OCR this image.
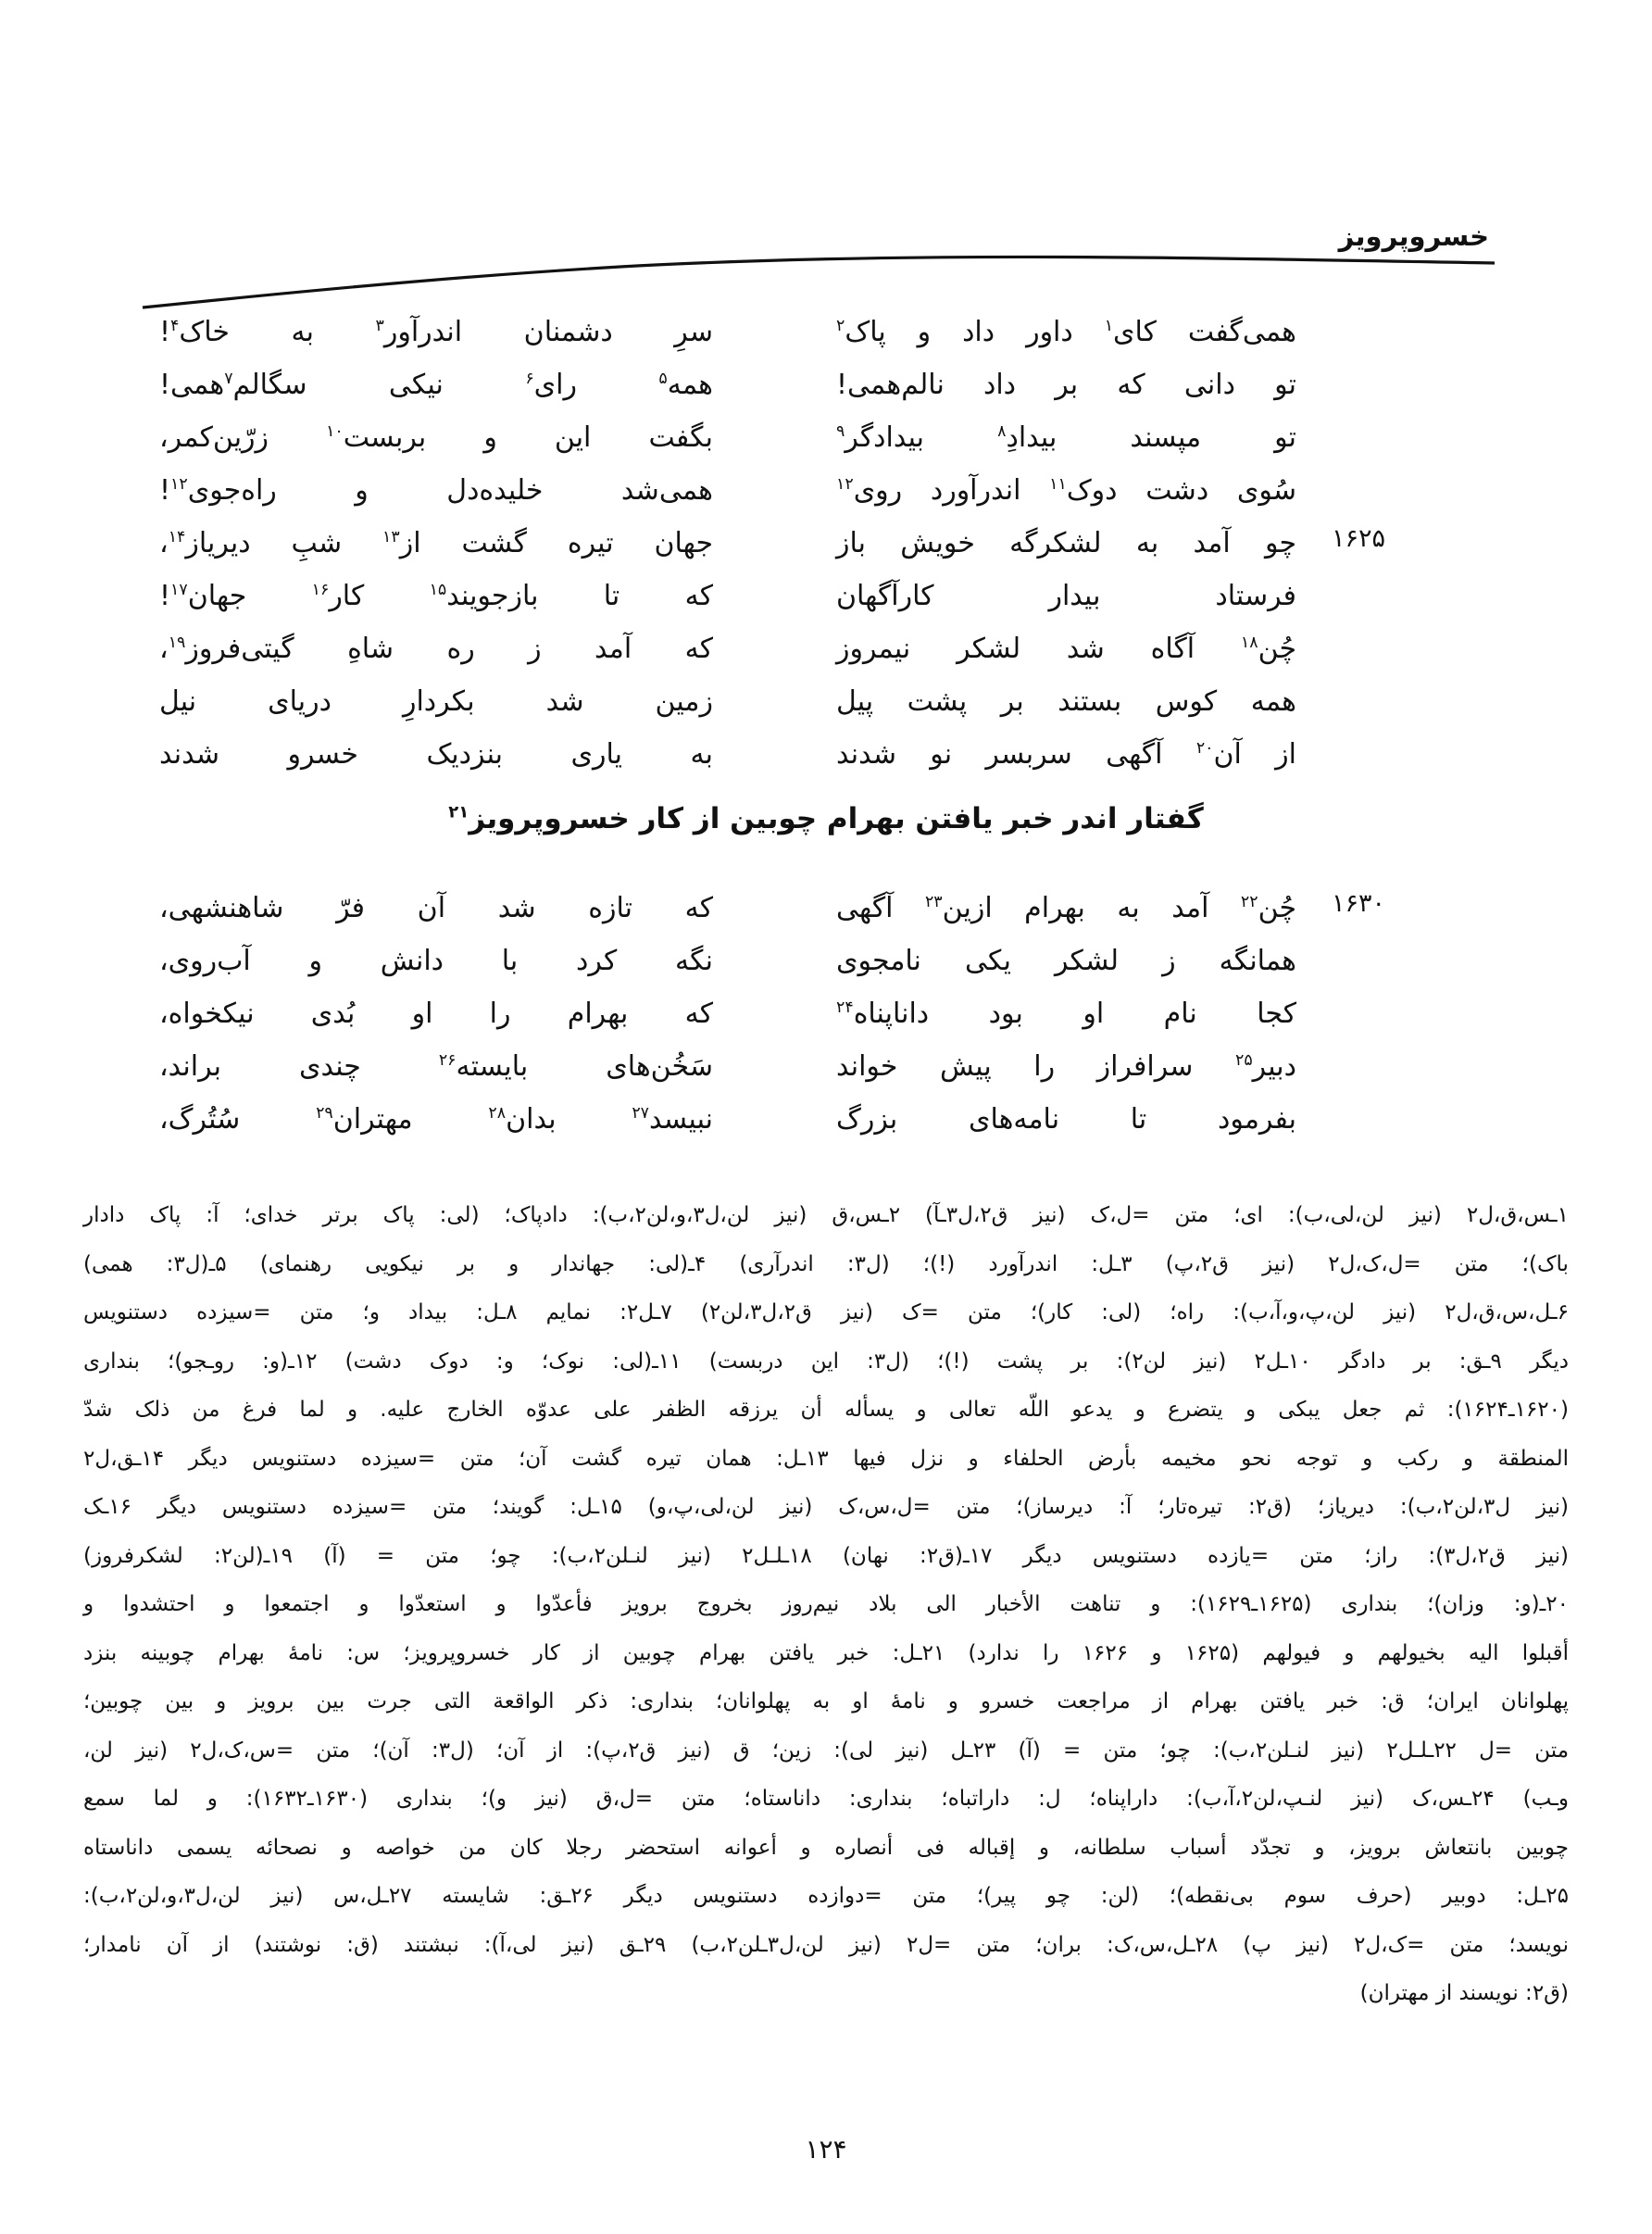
خسروپرویز
همی‌گفت کای$^۱$ داور داد و پاک$^۲$
سرِ دشمنان اندرآور$^۳$ به خاک$^۴$!
تو دانی که بر داد نالم‌همی!
همه$^۵$ رای$^۶$ نیکی سگالم$^۷$همی!
تو مپسند بیدادِ$^۸$ بیدادگر$^۹$
بگفت این و بربست$^{۱۰}$ زرّین‌کمر،
سُوی دشت دوک$^{۱۱}$ اندرآورد روی$^{۱۲}$
همی‌شد خلیده‌دل و راه‌جوی$^{۱۲}$!
۱۶۲۵
چو آمد به لشکرگه خویش باز
جهان تیره گشت از$^{۱۳}$ شبِ دیریاز$^{۱۴}$،
فرستاد بیدار کارآگهان
که تا بازجویند$^{۱۵}$ کار$^{۱۶}$ جهان$^{۱۷}$!
چُن$^{۱۸}$ آگاه شد لشکر نیمروز
که آمد ز ره شاهِ گیتی‌فروز$^{۱۹}$،
همه کوس بستند بر پشت پیل
زمین شد بکردارِ دریای نیل
از آن$^{۲۰}$ آگهی سربسر نو شدند
به یاری بنزدیک خسرو شدند
گفتار اندر خبر یافتن بهرام چوبین از کار خسروپرویز$^{۲۱}$
۱۶۳۰
چُن$^{۲۲}$ آمد به بهرام ازین$^{۲۳}$ آگهی
که تازه شد آن فرّ شاهنشهی،
همانگه ز لشکر یکی نامجوی
نگه کرد با دانش و آب‌روی،
کجا نام او بود داناپناه$^{۲۴}$
که بهرام را او بُدی نیکخواه،
دبیر$^{۲۵}$ سرافراز را پیش خواند
سَخُن‌های بایسته$^{۲۶}$ چندی براند،
بفرمود تا نامه‌های بزرگ
نبیسد$^{۲۷}$ بدان$^{۲۸}$ مهتران$^{۲۹}$ سُتُرگ،
۱ـس،ق،ل۲ (نیز لن،لی،ب): ای؛ متن =ل،ک (نیز ق۲،ل۳ـآ) ۲ـس،ق (نیز لن،ل۳،و،لن۲،ب): دادپاک؛ (لی: پاک برتر خدای؛ آ: پاک دادار
باک)؛ متن =ل،ک،ل۲ (نیز ق۲،پ) ۳ـل: اندرآورد (!)؛ (ل۳: اندرآری) ۴ـ(لی: جهاندار و بر نیکویی رهنمای) ۵ـ(ل۳: همی)
۶ـل،س،ق،ل۲ (نیز لن،پ،و،آ،ب): راه؛ (لی: کار)؛ متن =ک (نیز ق۲،ل۳،لن۲) ۷ـل۲: نمایم ۸ـل: بیداد و؛ متن =سیزده دستنویس
دیگر ۹ـق: بر دادگر ۱۰ـل۲ (نیز لن۲): بر پشت (!)؛ (ل۳: این دربست) ۱۱ـ(لی: نوک؛ و: دوک دشت) ۱۲ـ(و: روـجو)؛ بنداری
(۱۶۲۰ـ۱۶۲۴): ثم جعل یبکی و یتضرع و یدعو اللّه تعالی و یسأله أن یرزقه الظفر علی عدوّه الخارج علیه. و لما فرغ من ذلک شدّ
المنطقة و رکب و توجه نحو مخیمه بأرض الحلفاء و نزل فیها ۱۳ـل: همان تیره گشت آن؛ متن =سیزده دستنویس دیگر ۱۴ـق،ل۲
(نیز ل۳،لن۲،ب): دیریاز؛ (ق۲: تیره‌تار؛ آ: دیرساز)؛ متن =ل،س،ک (نیز لن،لی،پ،و) ۱۵ـل: گویند؛ متن =سیزده دستنویس دیگر ۱۶ـک
(نیز ق۲،ل۳): راز؛ متن =یازده دستنویس دیگر ۱۷ـ(ق۲: نهان) ۱۸ـلـل۲ (نیز لنـلن۲،ب): چو؛ متن = (آ) ۱۹ـ(لن۲: لشکرفروز)
۲۰ـ(و: وزان)؛ بنداری (۱۶۲۵ـ۱۶۲۹): و تناهت الأخبار الی بلاد نیم‌روز بخروج برویز فأعدّوا و استعدّوا و اجتمعوا و احتشدوا و
أقبلوا الیه بخیولهم و فیولهم (۱۶۲۵ و ۱۶۲۶ را ندارد) ۲۱ـل: خبر یافتن بهرام چوبین از کار خسروپرویز؛ س: نامهٔ بهرام چوبینه بنزد
پهلوانان ایران؛ ق: خبر یافتن بهرام از مراجعت خسرو و نامهٔ او به پهلوانان؛ بنداری: ذکر الواقعة التی جرت بین برویز و بین چوبین؛
متن =ل ۲۲ـلـل۲ (نیز لنـلن۲،ب): چو؛ متن = (آ) ۲۳ـل (نیز لی): زین؛ ق (نیز ق۲،پ): از آن؛ (ل۳: آن)؛ متن =س،ک،ل۲ (نیز لن،
وـب) ۲۴ـس،ک (نیز لنـپ،لن۲،آ،ب): داراپناه؛ ل: داراتباه؛ بنداری: داناستاه؛ متن =ل،ق (نیز و)؛ بنداری (۱۶۳۰ـ۱۶۳۲): و لما سمع
چوبین بانتعاش برویز، و تجدّد أسباب سلطانه، و إقباله فی أنصاره و أعوانه استحضر رجلا کان من خواصه و نصحائه یسمی داناستاه
۲۵ـل: دوبیر (حرف سوم بی‌نقطه)؛ (لن: چو پیر)؛ متن =دوازده دستنویس دیگر ۲۶ـق: شایسته ۲۷ـل،س (نیز لن،ل۳،و،لن۲،ب):
نویسد؛ متن =ک،ل۲ (نیز پ) ۲۸ـل،س،ک: بران؛ متن =ل۲ (نیز لن،ل۳ـلن۲،ب) ۲۹ـق (نیز لی،آ): نبشتند (ق: نوشتند) از آن نامدار؛
(ق۲: نویسند از مهتران)
۱۲۴
